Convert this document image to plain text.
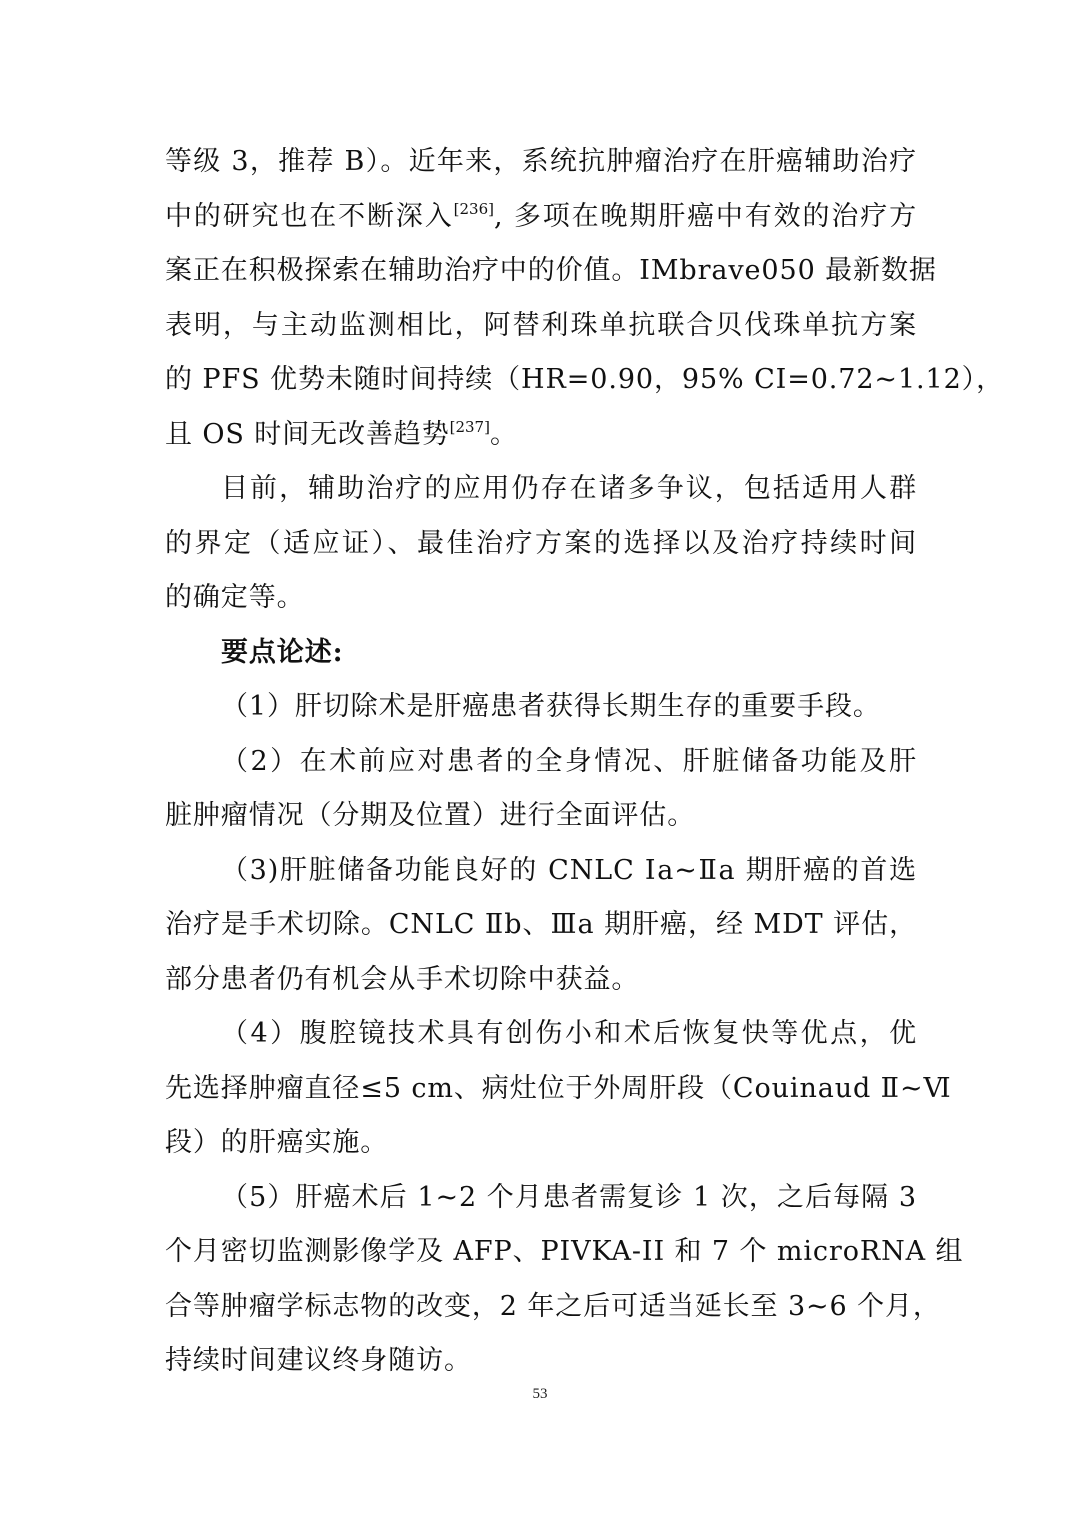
等级 3，推荐 B）。近年来，系统抗肿瘤治疗在肝癌辅助治疗
中的研究也在不断深入[236], 多项在晚期肝癌中有效的治疗方
案正在积极探索在辅助治疗中的价值。IMbrave050 最新数据
表明，与主动监测相比，阿替利珠单抗联合贝伐珠单抗方案
的 PFS 优势未随时间持续（HR=0.90，95% CI=0.72~1.12），
且 OS 时间无改善趋势[237]。
目前，辅助治疗的应用仍存在诸多争议，包括适用人群
的界定（适应证）、最佳治疗方案的选择以及治疗持续时间
的确定等。
要点论述:
（1）肝切除术是肝癌患者获得长期生存的重要手段。
（2）在术前应对患者的全身情况、肝脏储备功能及肝
脏肿瘤情况（分期及位置）进行全面评估。
（3)肝脏储备功能良好的 CNLC Ⅰa~Ⅱa 期肝癌的首选
治疗是手术切除。CNLC Ⅱb、Ⅲa 期肝癌，经 MDT 评估，
部分患者仍有机会从手术切除中获益。
（4）腹腔镜技术具有创伤小和术后恢复快等优点，优
先选择肿瘤直径≤5 cm、病灶位于外周肝段（Couinaud Ⅱ~Ⅵ
段）的肝癌实施。
（5）肝癌术后 1~2 个月患者需复诊 1 次，之后每隔 3
个月密切监测影像学及 AFP、PIVKA-II 和 7 个 microRNA 组
合等肿瘤学标志物的改变，2 年之后可适当延长至 3~6 个月，
持续时间建议终身随访。
53
